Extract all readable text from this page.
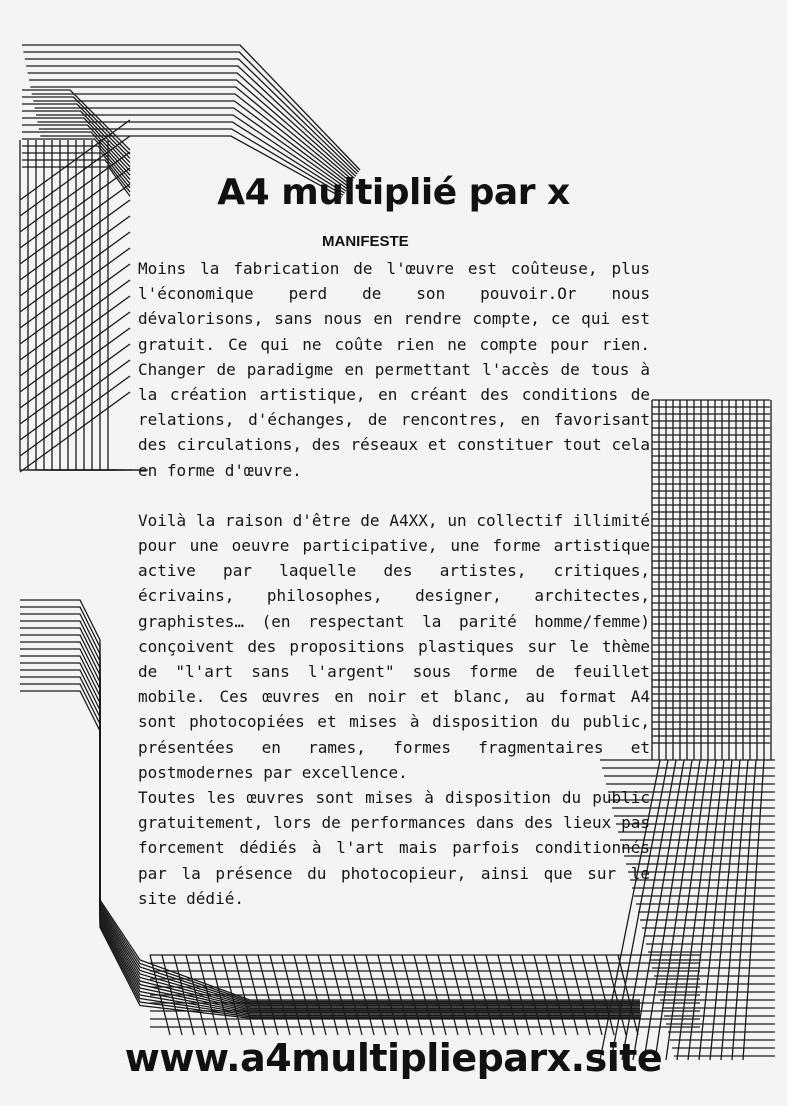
A4 multiplié par x
MANIFESTE

Moins la fabrication de l'œuvre est coûteuse, plus l'économique perd de son pouvoir.Or nous dévalorisons, sans nous en rendre compte, ce qui est gratuit. Ce qui ne coûte rien ne compte pour rien. Changer de paradigme en permettant l'accès de tous à la création artistique, en créant des conditions de relations, d'échanges, de rencontres, en favorisant des circulations, des réseaux et constituer tout cela en forme d'œuvre.

Voilà la raison d'être de A4XX, un collectif illimité pour une oeuvre participative, une forme artistique active par laquelle des artistes, critiques, écrivains, philosophes, designer, architectes, graphistes… (en respectant la parité homme/femme) conçoivent des propositions plastiques sur le thème de "l'art sans l'argent" sous forme de feuillet mobile. Ces œuvres en noir et blanc, au format A4 sont photocopiées et mises à disposition du public, présentées en rames, formes fragmentaires et postmodernes par excellence.

Toutes les œuvres sont mises à disposition du public gratuitement, lors de performances dans des lieux pas forcement dédiés à l'art mais parfois conditionnés par la présence du photocopieur, ainsi que sur le site dédié.

www.a4multiplieparx.site
